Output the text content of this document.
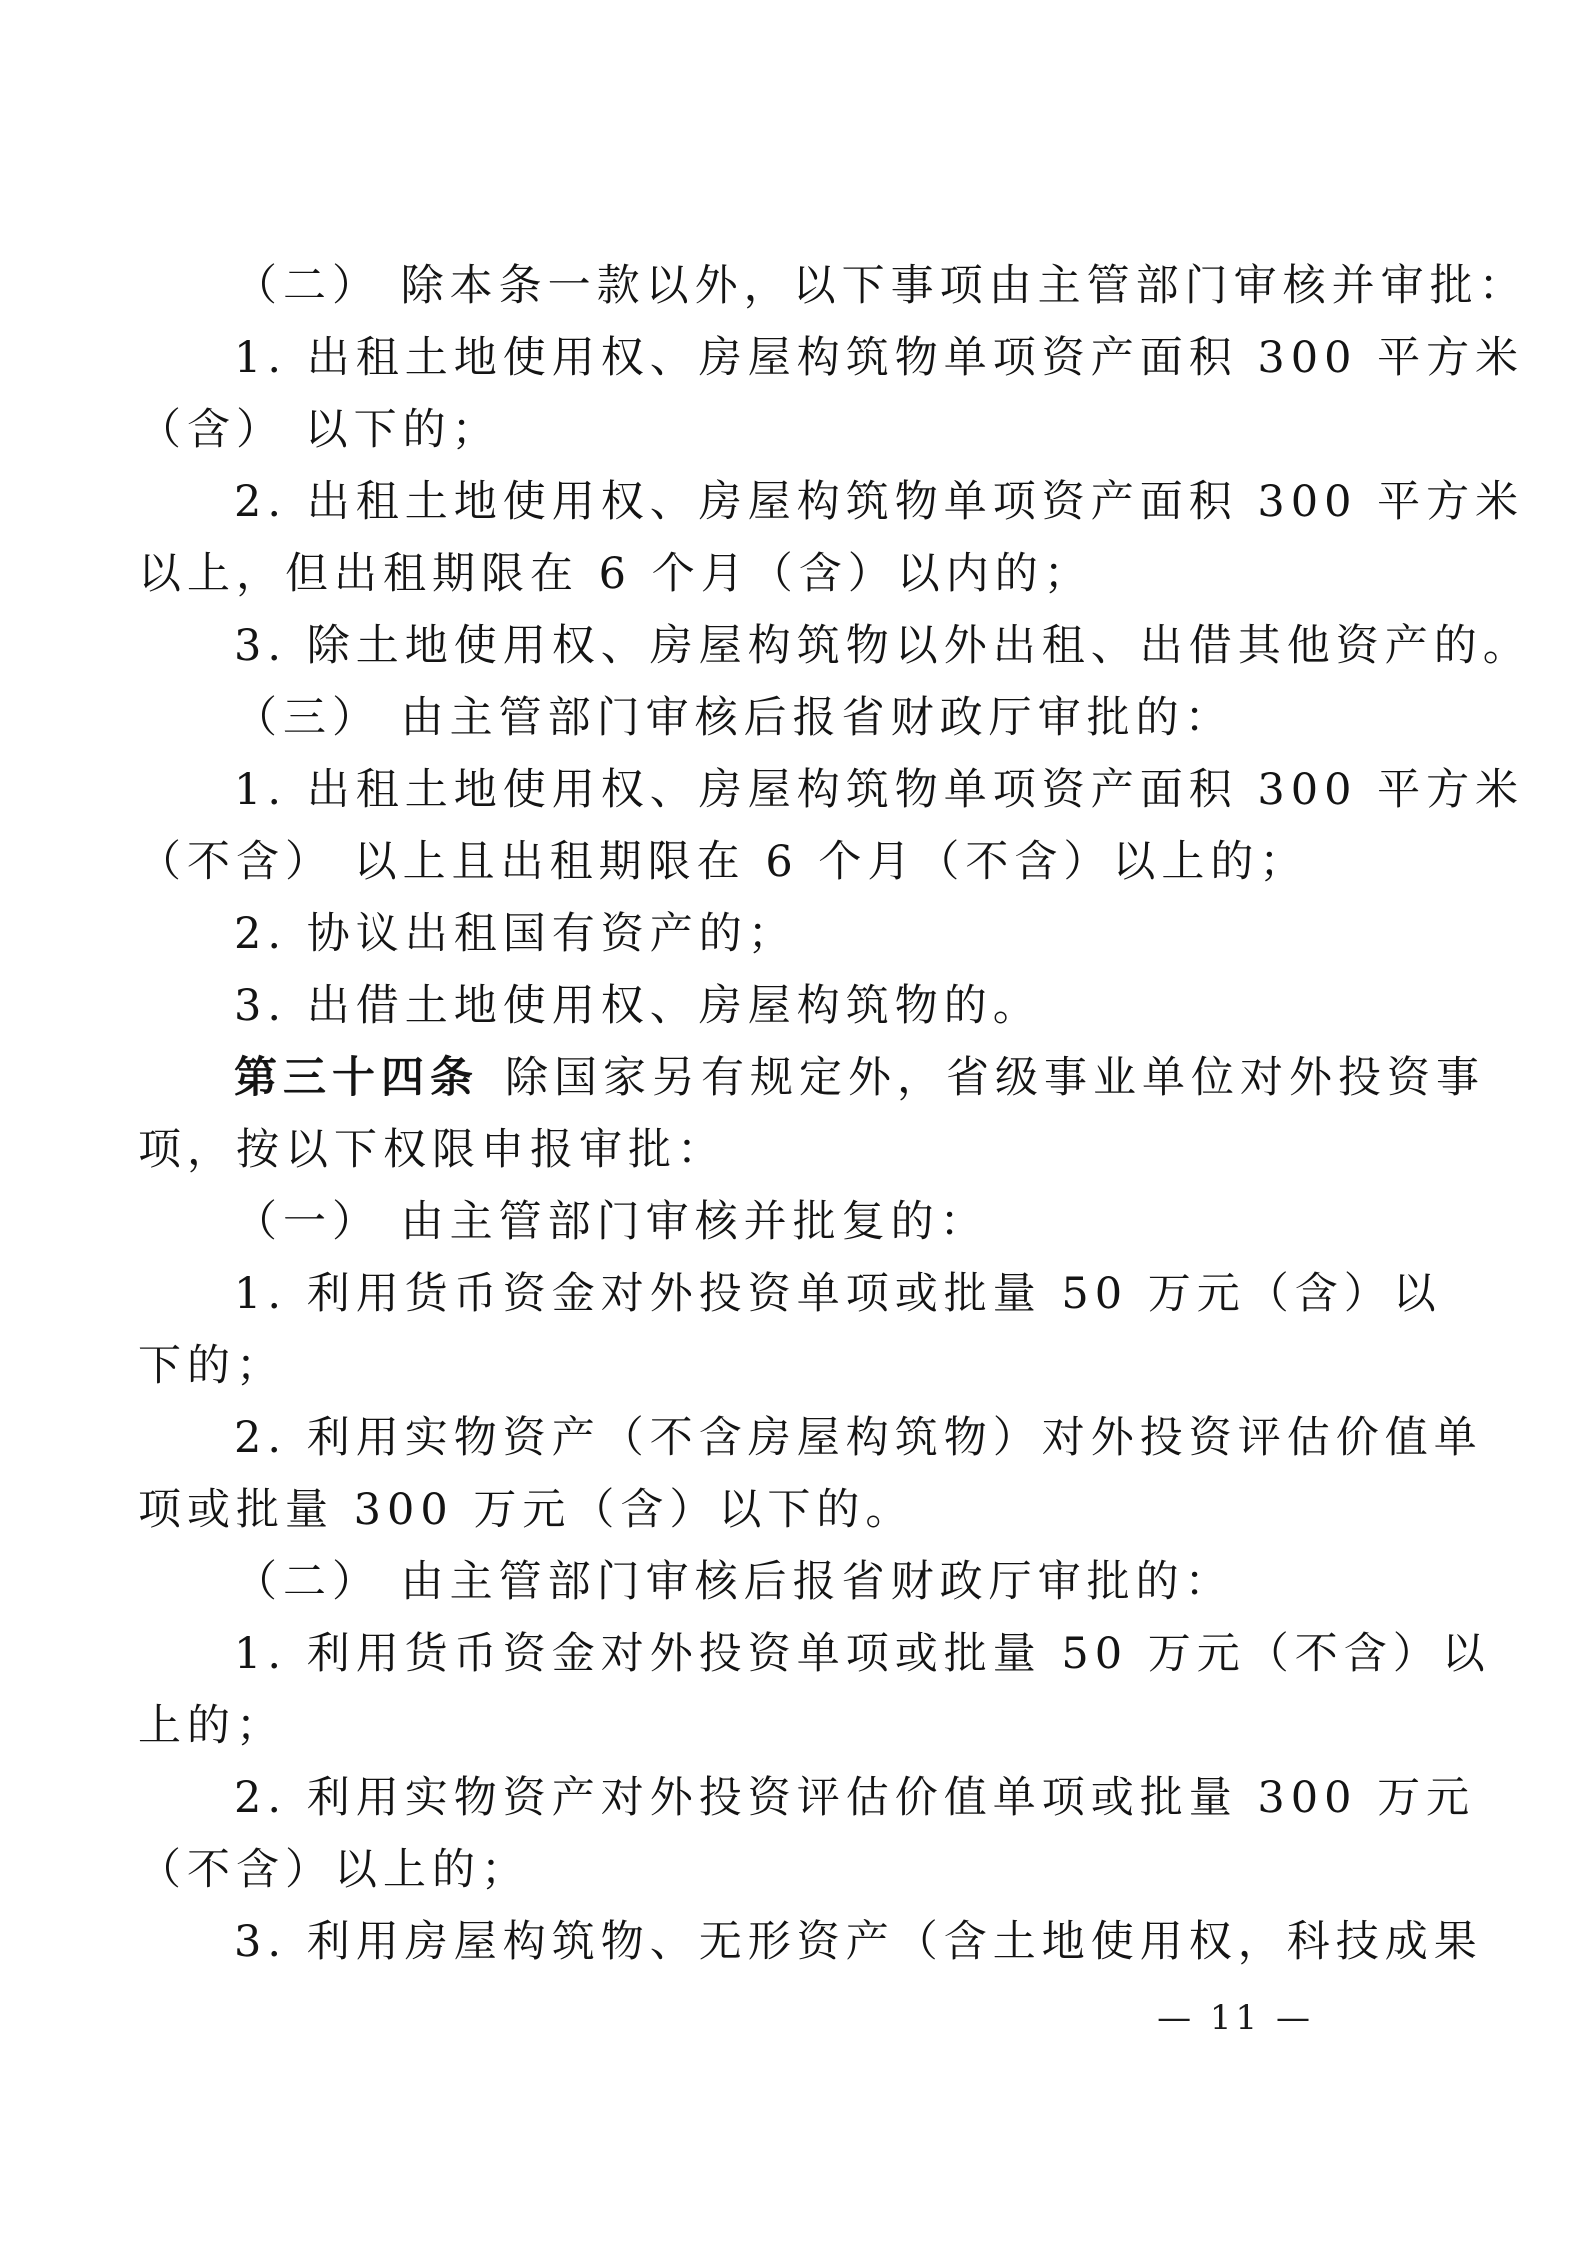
（二） 除本条一款以外，以下事项由主管部门审核并审批：
1. 出租土地使用权、房屋构筑物单项资产面积 300 平方米
（含） 以下的；
2. 出租土地使用权、房屋构筑物单项资产面积 300 平方米
以上，但出租期限在 6 个月（含）以内的；
3. 除土地使用权、房屋构筑物以外出租、出借其他资产的。
（三） 由主管部门审核后报省财政厅审批的：
1. 出租土地使用权、房屋构筑物单项资产面积 300 平方米
（不含） 以上且出租期限在 6 个月（不含）以上的；
2. 协议出租国有资产的；
3. 出借土地使用权、房屋构筑物的。
第三十四条 除国家另有规定外，省级事业单位对外投资事
项，按以下权限申报审批：
（一） 由主管部门审核并批复的：
1. 利用货币资金对外投资单项或批量 50 万元（含）以
下的；
2. 利用实物资产（不含房屋构筑物）对外投资评估价值单
项或批量 300 万元（含）以下的。
（二） 由主管部门审核后报省财政厅审批的：
1. 利用货币资金对外投资单项或批量 50 万元（不含）以
上的；
2. 利用实物资产对外投资评估价值单项或批量 300 万元
（不含）以上的；
3. 利用房屋构筑物、无形资产（含土地使用权，科技成果
— 11 —
